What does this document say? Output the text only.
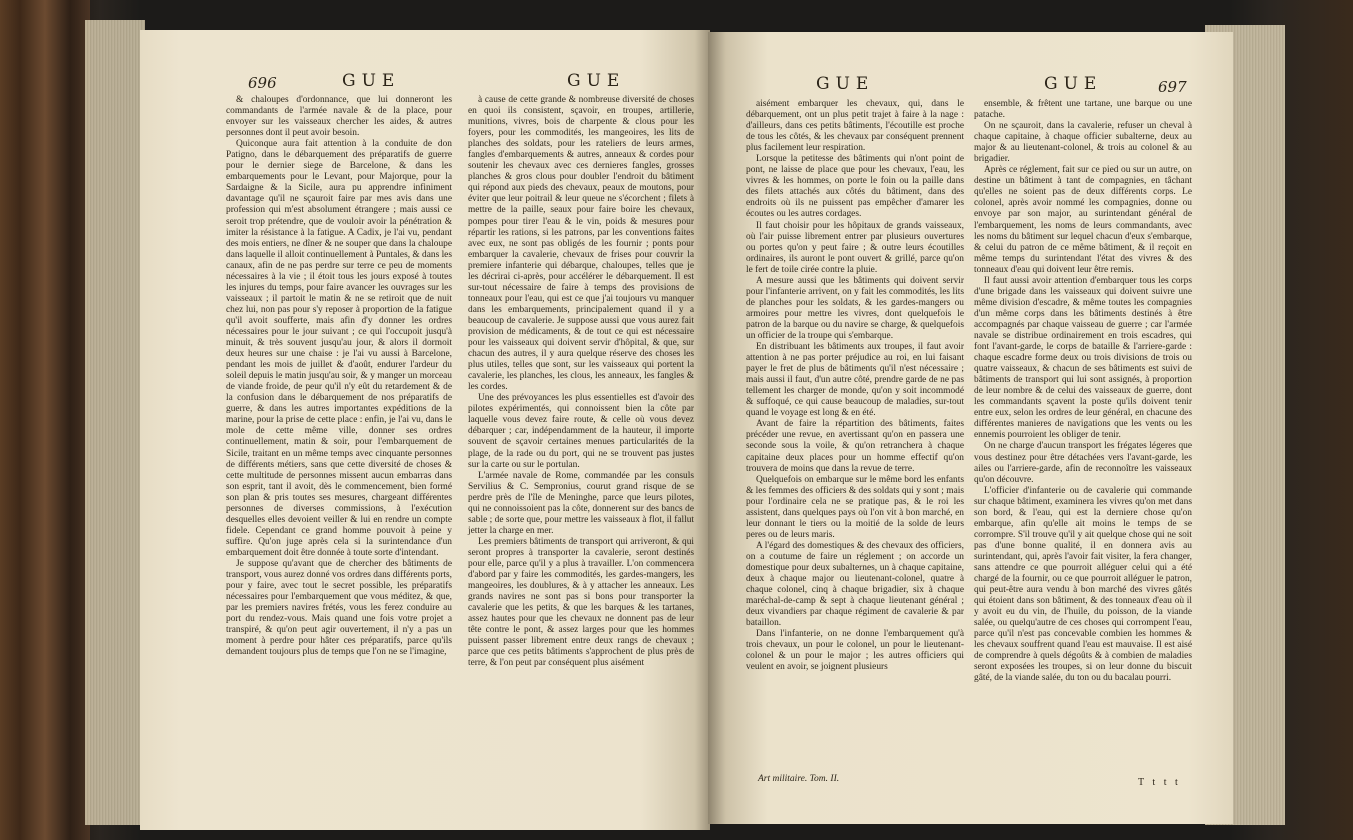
696	GUE	GUE

& chaloupes d'ordonnance, que lui donneront les commandants de l'armée navale & de la place, pour envoyer sur les vaisseaux chercher les aides, & autres personnes dont il peut avoir besoin.

Quiconque aura fait attention à la conduite de don Patigno, dans le débarquement des préparatifs de guerre pour le dernier siege de Barcelone, & dans les embarquements pour le Levant, pour Majorque, pour la Sardaigne & la Sicile, aura pu apprendre infiniment davantage qu'il ne sçauroit faire par mes avis dans une profession qui m'est absolument étrangere ; mais aussi ce seroit trop prétendre, que de vouloir avoir la pénétration & imiter la résistance à la fatigue. A Cadix, je l'ai vu, pendant des mois entiers, ne dîner & ne souper que dans la chaloupe dans laquelle il alloit continuellement à Puntales, & dans les canaux, afin de ne pas perdre sur terre ce peu de moments nécessaires à la vie ; il étoit tous les jours exposé à toutes les injures du temps, pour faire avancer les ouvrages sur les vaisseaux ; il partoit le matin & ne se retiroit que de nuit chez lui, non pas pour s'y reposer à proportion de la fatigue qu'il avoit soufferte, mais afin d'y donner les ordres nécessaires pour le jour suivant ; ce qui l'occupoit jusqu'à minuit, & très souvent jusqu'au jour, & alors il dormoit deux heures sur une chaise : je l'ai vu aussi à Barcelone, pendant les mois de juillet & d'août, endurer l'ardeur du soleil depuis le matin jusqu'au soir, & y manger un morceau de viande froide, de peur qu'il n'y eût du retardement & de la confusion dans le débarquement de nos préparatifs de guerre, & dans les autres importantes expéditions de la marine, pour la prise de cette place : enfin, je l'ai vu, dans le mole de cette même ville, donner ses ordres continuellement, matin & soir, pour l'embarquement de Sicile, traitant en un même temps avec cinquante personnes de différents métiers, sans que cette diversité de choses & cette multitude de personnes missent aucun embarras dans son esprit, tant il avoit, dès le commencement, bien formé son plan & pris toutes ses mesures, chargeant différentes personnes de diverses commissions, à l'exécution desquelles elles devoient veiller & lui en rendre un compte fidele. Cependant ce grand homme pouvoit à peine y suffire. Qu'on juge après cela si la surintendance d'un embarquement doit être donnée à toute sorte d'intendant.

Je suppose qu'avant que de chercher des bâtiments de transport, vous aurez donné vos ordres dans différents ports, pour y faire, avec tout le secret possible, les préparatifs nécessaires pour l'embarquement que vous méditez, & que, par les premiers navires frétés, vous les ferez conduire au port du rendez-vous. Mais quand une fois votre projet a transpiré, & qu'on peut agir ouvertement, il n'y a pas un moment à perdre pour hâter ces préparatifs, parce qu'ils demandent toujours plus de temps que l'on ne se l'imagine,

à cause de cette grande & nombreuse diversité de choses en quoi ils consistent, sçavoir, en troupes, artillerie, munitions, vivres, bois de charpente & clous pour les foyers, pour les commodités, les mangeoires, les lits de planches des soldats, pour les rateliers de leurs armes, fangles d'embarquements & autres, anneaux & cordes pour soutenir les chevaux avec ces dernieres fangles, grosses planches & gros clous pour doubler l'endroit du bâtiment qui répond aux pieds des chevaux, peaux de moutons, pour éviter que leur poitrail & leur queue ne s'écorchent ; filets à mettre de la paille, seaux pour faire boire les chevaux, pompes pour tirer l'eau & le vin, poids & mesures pour répartir les rations, si les patrons, par les conventions faites avec eux, ne sont pas obligés de les fournir ; ponts pour embarquer la cavalerie, chevaux de frises pour couvrir la premiere infanterie qui débarque, chaloupes, telles que je les décrirai ci-après, pour accélérer le débarquement. Il est sur-tout nécessaire de faire à temps des provisions de tonneaux pour l'eau, qui est ce que j'ai toujours vu manquer dans les embarquements, principalement quand il y a beaucoup de cavalerie. Je suppose aussi que vous aurez fait provision de médicaments, & de tout ce qui est nécessaire pour les vaisseaux qui doivent servir d'hôpital, & que, sur chacun des autres, il y aura quelque réserve des choses les plus utiles, telles que sont, sur les vaisseaux qui portent la cavalerie, les planches, les clous, les anneaux, les fangles & les cordes.

Une des prévoyances les plus essentielles est d'avoir des pilotes expérimentés, qui connoissent bien la côte par laquelle vous devez faire route, & celle où vous devez débarquer ; car, indépendamment de la hauteur, il importe souvent de sçavoir certaines menues particularités de la plage, de la rade ou du port, qui ne se trouvent pas justes sur la carte ou sur le portulan.

L'armée navale de Rome, commandée par les consuls Servilius & C. Sempronius, courut grand risque de se perdre près de l'île de Meninghe, parce que leurs pilotes, qui ne connoissoient pas la côte, donnerent sur des bancs de sable ; de sorte que, pour mettre les vaisseaux à flot, il fallut jetter la charge en mer.

Les premiers bâtiments de transport qui arriveront, & qui seront propres à transporter la cavalerie, seront destinés pour elle, parce qu'il y a plus à travailler. L'on commencera d'abord par y faire les commodités, les gardes-mangers, les mangeoires, les doublures, & à y attacher les anneaux. Les grands navires ne sont pas si bons pour transporter la cavalerie que les petits, & que les barques & les tartanes, assez hautes pour que les chevaux ne donnent pas de leur tête contre le pont, & assez larges pour que les hommes puissent passer librement entre deux rangs de chevaux ; parce que ces petits bâtiments s'approchent de plus près de terre, & l'on peut par conséquent plus aisément

GUE	GUE	697

aisément embarquer les chevaux, qui, dans le débarquement, ont un plus petit trajet à faire à la nage : d'ailleurs, dans ces petits bâtiments, l'écoutille est proche de tous les côtés, & les chevaux par conséquent prennent plus facilement leur respiration.

Lorsque la petitesse des bâtiments qui n'ont point de pont, ne laisse de place que pour les chevaux, l'eau, les vivres & les hommes, on porte le foin ou la paille dans des filets attachés aux côtés du bâtiment, dans des endroits où ils ne puissent pas empêcher d'amarer les écoutes ou les autres cordages.

Il faut choisir pour les hôpitaux de grands vaisseaux, où l'air puisse librement entrer par plusieurs ouvertures ou portes qu'on y peut faire ; & outre leurs écoutilles ordinaires, ils auront le pont ouvert & grillé, parce qu'on le fert de toile cirée contre la pluie.

A mesure aussi que les bâtiments qui doivent servir pour l'infanterie arrivent, on y fait les commodités, les lits de planches pour les soldats, & les gardes-mangers ou armoires pour mettre les vivres, dont quelquefois le patron de la barque ou du navire se charge, & quelquefois un officier de la troupe qui s'embarque.

En distribuant les bâtiments aux troupes, il faut avoir attention à ne pas porter préjudice au roi, en lui faisant payer le fret de plus de bâtiments qu'il n'est nécessaire ; mais aussi il faut, d'un autre côté, prendre garde de ne pas tellement les charger de monde, qu'on y soit incommodé & suffoqué, ce qui cause beaucoup de maladies, sur-tout quand le voyage est long & en été.

Avant de faire la répartition des bâtiments, faites précéder une revue, en avertissant qu'on en passera une seconde sous la voile, & qu'on retranchera à chaque capitaine deux places pour un homme effectif qu'on trouvera de moins que dans la revue de terre.

Quelquefois on embarque sur le même bord les enfants & les femmes des officiers & des soldats qui y sont ; mais pour l'ordinaire cela ne se pratique pas, & le roi les assistent, dans quelques pays où l'on vit à bon marché, en leur donnant le tiers ou la moitié de la solde de leurs peres ou de leurs maris.

A l'égard des domestiques & des chevaux des officiers, on a coutume de faire un réglement ; on accorde un domestique pour deux subalternes, un à chaque capitaine, deux à chaque major ou lieutenant-colonel, quatre à chaque colonel, cinq à chaque brigadier, six à chaque maréchal-de-camp & sept à chaque lieutenant général ; deux vivandiers par chaque régiment de cavalerie & par bataillon.

Dans l'infanterie, on ne donne l'embarquement qu'à trois chevaux, un pour le colonel, un pour le lieutenant-colonel & un pour le major ; les autres officiers qui veulent en avoir, se joignent plusieurs

ensemble, & frêtent une tartane, une barque ou une patache.

On ne sçauroit, dans la cavalerie, refuser un cheval à chaque capitaine, à chaque officier subalterne, deux au major & au lieutenant-colonel, & trois au colonel & au brigadier.

Après ce réglement, fait sur ce pied ou sur un autre, on destine un bâtiment à tant de compagnies, en tâchant qu'elles ne soient pas de deux différents corps. Le colonel, après avoir nommé les compagnies, donne ou envoye par son major, au surintendant général de l'embarquement, les noms de leurs commandants, avec les noms du bâtiment sur lequel chacun d'eux s'embarque, & celui du patron de ce même bâtiment, & il reçoit en même temps du surintendant l'état des vivres & des tonneaux d'eau qui doivent leur être remis.

Il faut aussi avoir attention d'embarquer tous les corps d'une brigade dans les vaisseaux qui doivent suivre une même division d'escadre, & même toutes les compagnies d'un même corps dans les bâtiments destinés à être accompagnés par chaque vaisseau de guerre ; car l'armée navale se distribue ordinairement en trois escadres, qui font l'avant-garde, le corps de bataille & l'arriere-garde : chaque escadre forme deux ou trois divisions de trois ou quatre vaisseaux, & chacun de ses bâtiments est suivi de bâtiments de transport qui lui sont assignés, à proportion de leur nombre & de celui des vaisseaux de guerre, dont les commandants sçavent la poste qu'ils doivent tenir entre eux, selon les ordres de leur général, en chacune des différentes manieres de navigations que les vents ou les ennemis pourroient les obliger de tenir.

On ne charge d'aucun transport les frégates légeres que vous destinez pour être détachées vers l'avant-garde, les ailes ou l'arriere-garde, afin de reconnoître les vaisseaux qu'on découvre.

L'officier d'infanterie ou de cavalerie qui commande sur chaque bâtiment, examinera les vivres qu'on met dans son bord, & l'eau, qui est la derniere chose qu'on embarque, afin qu'elle ait moins le temps de se corrompre. S'il trouve qu'il y ait quelque chose qui ne soit pas d'une bonne qualité, il en donnera avis au surintendant, qui, après l'avoir fait visiter, la fera changer, sans attendre ce que pourroit alléguer celui qui a été chargé de la fournir, ou ce que pourroit alléguer le patron, qui peut-être aura vendu à bon marché des vivres gâtés qui étoient dans son bâtiment, & des tonneaux d'eau où il y avoit eu du vin, de l'huile, du poisson, de la viande salée, ou quelqu'autre de ces choses qui corrompent l'eau, parce qu'il n'est pas concevable combien les hommes & les chevaux souffrent quand l'eau est mauvaise. Il est aisé de comprendre à quels dégoûts & à combien de maladies seront exposées les troupes, si on leur donne du biscuit gâté, de la viande salée, du ton ou du bacalau pourri.

Art militaire. Tom. II.	T t t t
